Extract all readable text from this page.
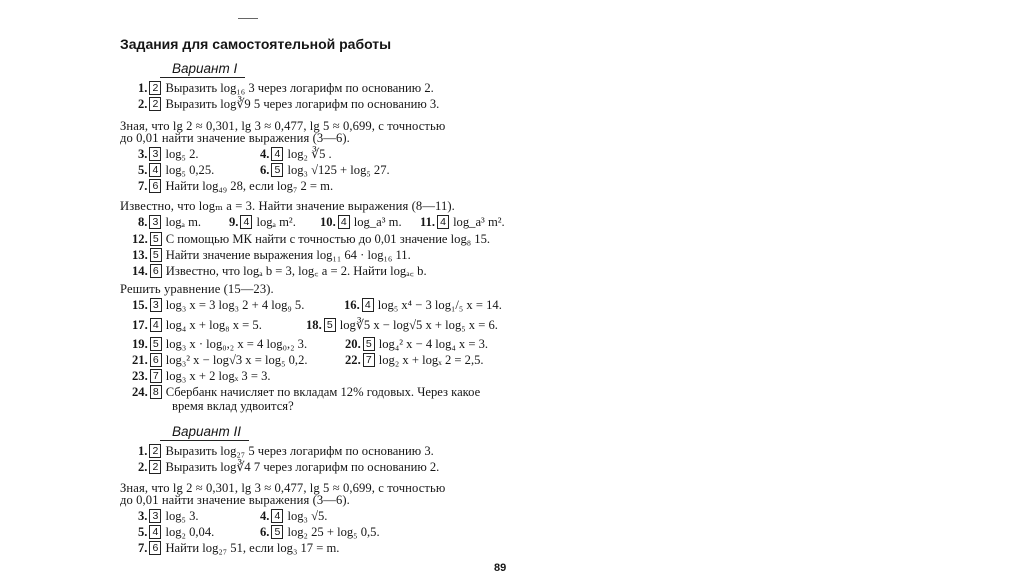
Задания для самостоятельной работы
Вариант I
1. 2 Выразить log₁₆ 3 через логарифм по основанию 2.
2. 2 Выразить log∛9 5 через логарифм по основанию 3.
Зная, что lg 2 ≈ 0,301, lg 3 ≈ 0,477, lg 5 ≈ 0,699, с точностью
до 0,01 найти значение выражения (3—6).
3. 3 log₅ 2.	4. 4 log₂ ∛5 .
5. 4 log₅ 0,25.	6. 5 log₃ √125 + log₅ 27.
7. 6 Найти log₄₉ 28, если log₇ 2 = m.
Известно, что logₘ a = 3. Найти значение выражения (8—11).
8. 3 logₐ m. 9. 4 logₐ m². 10. 4 log_a³ m. 11. 4 log_a³ m².
12. 5 С помощью МК найти с точностью до 0,01 значение log₈ 15.
13. 5 Найти значение выражения log₁₁ 64 · log₁₆ 11.
14. 6 Известно, что logₐ b = 3, log꜀ a = 2. Найти logₐ꜀ b.
Решить уравнение (15—23).
15. 3 log₃ x = 3 log₃ 2 + 4 log₉ 5.	16. 4 log₅ x⁴ − 3 log₁/₅ x = 14.
17. 4 log₄ x + log₈ x = 5.	18. 5 log∛5 x − log√5 x + log₅ x = 6.
19. 5 log₃ x · log₀,₂ x = 4 log₀,₂ 3.	20. 5 log₄² x − 4 log₄ x = 3.
21. 6 log₃² x − log√3 x = log₅ 0,2.	22. 7 log₂ x + logₓ 2 = 2,5.
23. 7 log₃ x + 2 logₓ 3 = 3.
24. 8 Сбербанк начисляет по вкладам 12% годовых. Через какое
время вклад удвоится?
Вариант II
1. 2 Выразить log₂₇ 5 через логарифм по основанию 3.
2. 2 Выразить log∛4 7 через логарифм по основанию 2.
Зная, что lg 2 ≈ 0,301, lg 3 ≈ 0,477, lg 5 ≈ 0,699, с точностью
до 0,01 найти значение выражения (3—6).
3. 3 log₅ 3.	4. 4 log₃ √5.
5. 4 log₂ 0,04.	6. 5 log₂ 25 + log₅ 0,5.
7. 6 Найти log₂₇ 51, если log₃ 17 = m.
89
